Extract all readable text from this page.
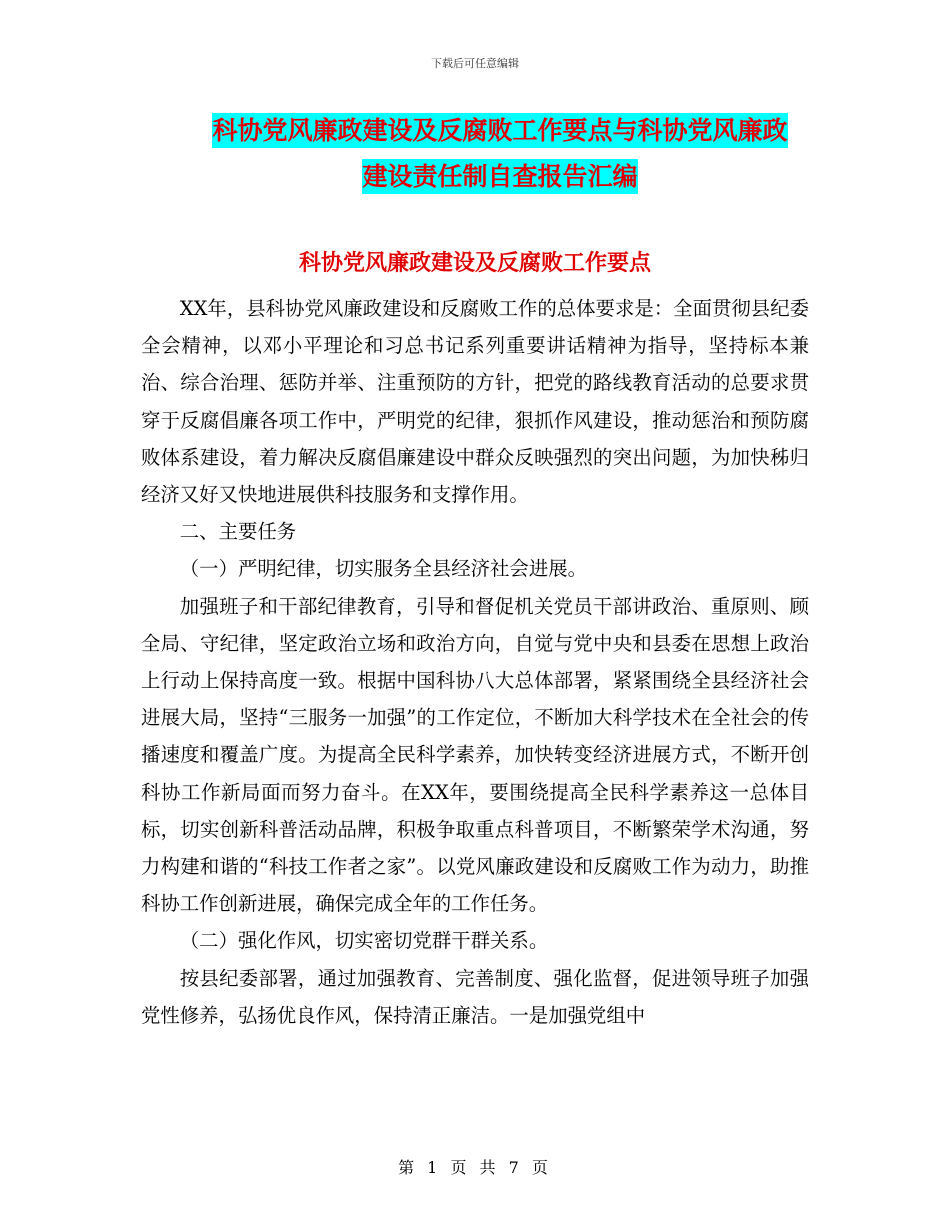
下载后可任意编辑
科协党风廉政建设及反腐败工作要点与科协党风廉政
建设责任制自查报告汇编
科协党风廉政建设及反腐败工作要点

XX年，县科协党风廉政建设和反腐败工作的总体要求是：全面贯彻县纪委全会精神，以邓小平理论和习总书记系列重要讲话精神为指导，坚持标本兼治、综合治理、惩防并举、注重预防的方针，把党的路线教育活动的总要求贯穿于反腐倡廉各项工作中，严明党的纪律，狠抓作风建设，推动惩治和预防腐败体系建设，着力解决反腐倡廉建设中群众反映强烈的突出问题，为加快秭归经济又好又快地进展供科技服务和支撑作用。

二、主要任务

（一）严明纪律，切实服务全县经济社会进展。

加强班子和干部纪律教育，引导和督促机关党员干部讲政治、重原则、顾全局、守纪律，坚定政治立场和政治方向，自觉与党中央和县委在思想上政治上行动上保持高度一致。根据中国科协八大总体部署，紧紧围绕全县经济社会进展大局，坚持“三服务一加强”的工作定位，不断加大科学技术在全社会的传播速度和覆盖广度。为提高全民科学素养，加快转变经济进展方式，不断开创科协工作新局面而努力奋斗。在XX年，要围绕提高全民科学素养这一总体目标，切实创新科普活动品牌，积极争取重点科普项目，不断繁荣学术沟通，努力构建和谐的“科技工作者之家”。以党风廉政建设和反腐败工作为动力，助推科协工作创新进展，确保完成全年的工作任务。

（二）强化作风，切实密切党群干群关系。

按县纪委部署，通过加强教育、完善制度、强化监督，促进领导班子加强党性修养，弘扬优良作风，保持清正廉洁。一是加强党组中

第 1 页 共 7 页
